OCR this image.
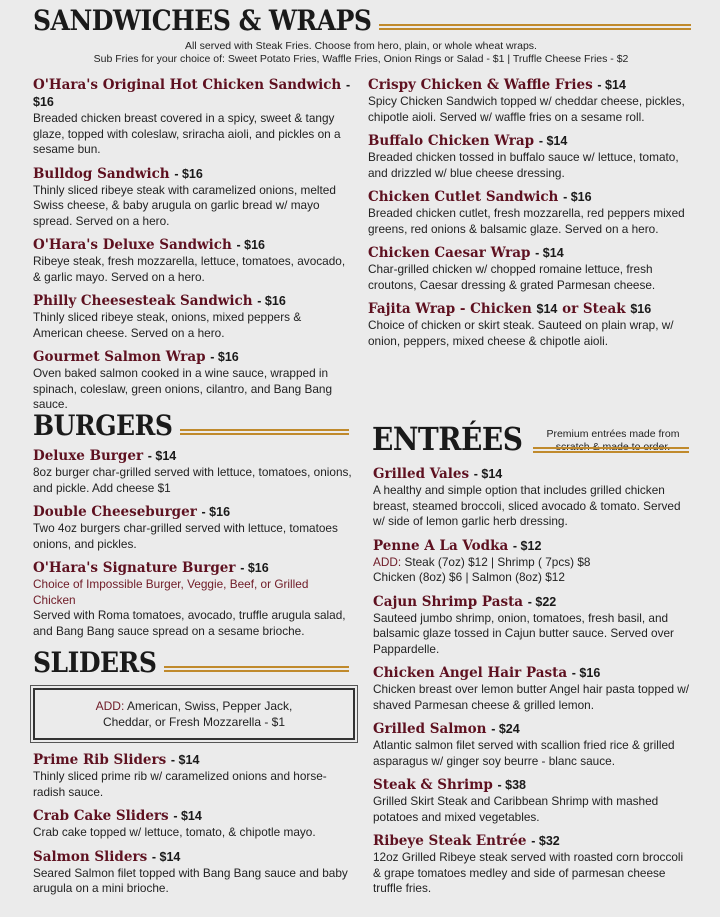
SANDWICHES & WRAPS
All served with Steak Fries. Choose from hero, plain, or whole wheat wraps.
Sub Fries for your choice of: Sweet Potato Fries, Waffle Fries, Onion Rings or Salad - $1 | Truffle Cheese Fries - $2
O'Hara's Original Hot Chicken Sandwich - $16
Breaded chicken breast covered in a spicy, sweet & tangy glaze, topped with coleslaw, sriracha aioli, and pickles on a sesame bun.
Bulldog Sandwich - $16
Thinly sliced ribeye steak with caramelized onions, melted Swiss cheese, & baby arugula on garlic bread w/ mayo spread. Served on a hero.
O'Hara's Deluxe Sandwich - $16
Ribeye steak, fresh mozzarella, lettuce, tomatoes, avocado, & garlic mayo. Served on a hero.
Philly Cheesesteak Sandwich - $16
Thinly sliced ribeye steak, onions, mixed peppers & American cheese. Served on a hero.
Gourmet Salmon Wrap - $16
Oven baked salmon cooked in a wine sauce, wrapped in spinach, coleslaw, green onions, cilantro, and Bang Bang sauce.
Crispy Chicken & Waffle Fries - $14
Spicy Chicken Sandwich topped w/ cheddar cheese, pickles, chipotle aioli. Served w/ waffle fries on a sesame roll.
Buffalo Chicken Wrap - $14
Breaded chicken tossed in buffalo sauce w/ lettuce, tomato, and drizzled w/ blue cheese dressing.
Chicken Cutlet Sandwich - $16
Breaded chicken cutlet, fresh mozzarella, red peppers mixed greens, red onions & balsamic glaze. Served on a hero.
Chicken Caesar Wrap - $14
Char-grilled chicken w/ chopped romaine lettuce, fresh croutons, Caesar dressing & grated Parmesan cheese.
Fajita Wrap - Chicken $14 or Steak $16
Choice of chicken or skirt steak. Sauteed on plain wrap, w/ onion, peppers, mixed cheese & chipotle aioli.
BURGERS
Deluxe Burger - $14
8oz burger char-grilled served with lettuce, tomatoes, onions, and pickle. Add cheese $1
Double Cheeseburger - $16
Two 4oz burgers char-grilled served with lettuce, tomatoes onions, and pickles.
O'Hara's Signature Burger - $16
Choice of Impossible Burger, Veggie, Beef, or Grilled Chicken
Served with Roma tomatoes, avocado, truffle arugula salad, and Bang Bang sauce spread on a sesame brioche.
SLIDERS
ADD: American, Swiss, Pepper Jack,
Cheddar, or Fresh Mozzarella - $1
Prime Rib Sliders - $14
Thinly sliced prime rib w/ caramelized onions and horse-radish sauce.
Crab Cake Sliders - $14
Crab cake topped w/ lettuce, tomato, & chipotle mayo.
Salmon Sliders - $14
Seared Salmon filet topped with Bang Bang sauce and baby arugula on a mini brioche.
ENTRÉES	Premium entrées made from
scratch & made to order.
Grilled Vales - $14
A healthy and simple option that includes grilled chicken breast, steamed broccoli, sliced avocado & tomato. Served w/ side of lemon garlic herb dressing.
Penne A La Vodka - $12
ADD: Steak (7oz) $12 | Shrimp ( 7pcs) $8
Chicken (8oz) $6 | Salmon (8oz) $12
Cajun Shrimp Pasta - $22
Sauteed jumbo shrimp, onion, tomatoes, fresh basil, and balsamic glaze tossed in Cajun butter sauce. Served over Pappardelle.
Chicken Angel Hair Pasta - $16
Chicken breast over lemon butter Angel hair pasta topped w/ shaved Parmesan cheese & grilled lemon.
Grilled Salmon - $24
Atlantic salmon filet served with scallion fried rice & grilled asparagus w/ ginger soy beurre - blanc sauce.
Steak & Shrimp - $38
Grilled Skirt Steak and Caribbean Shrimp with mashed potatoes and mixed vegetables.
Ribeye Steak Entrée - $32
12oz Grilled Ribeye steak served with roasted corn broccoli & grape tomatoes medley and side of parmesan cheese truffle fries.
